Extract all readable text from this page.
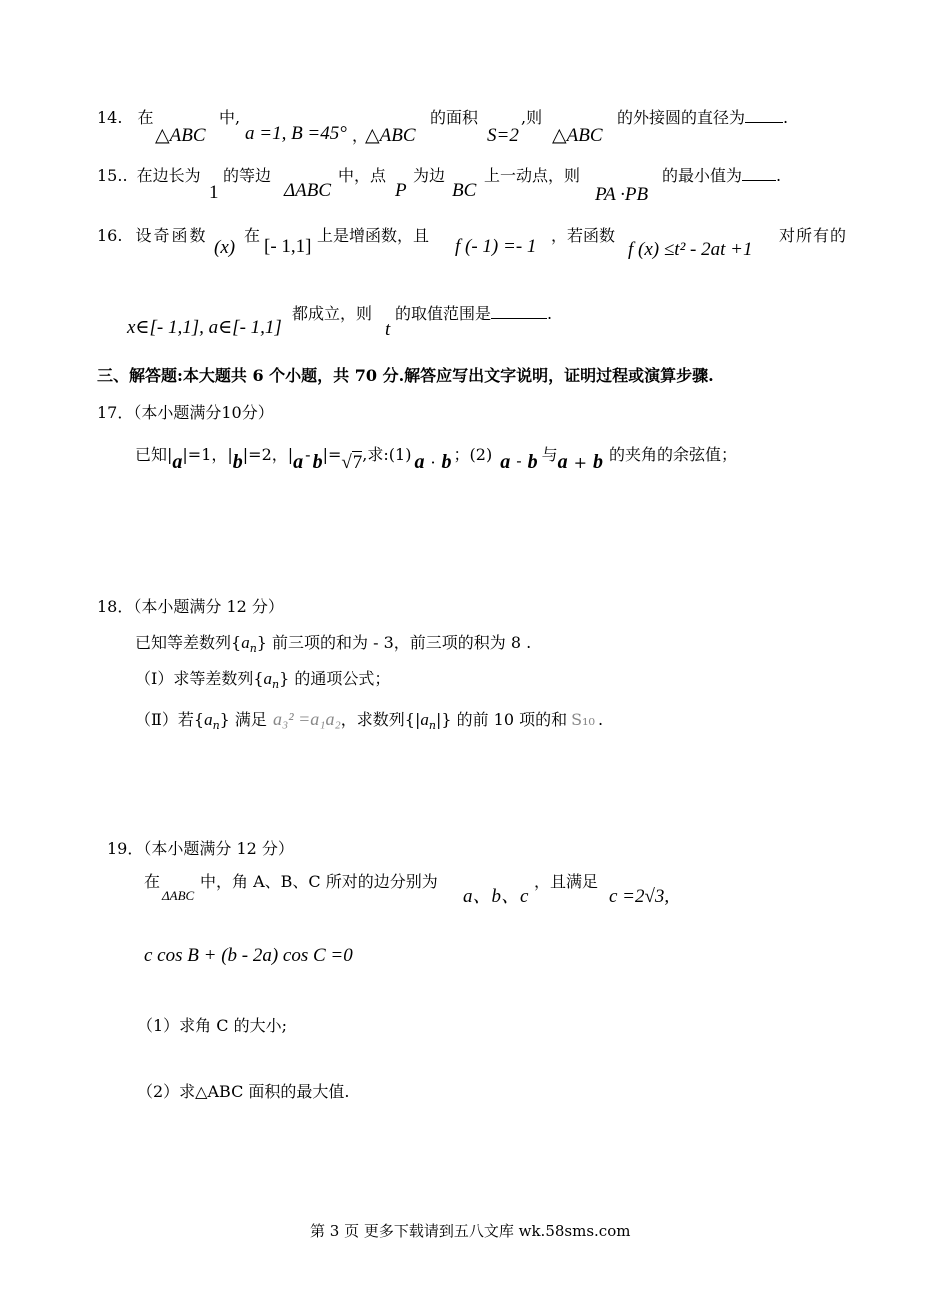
14. 在
△ABC
中,
a =1, B =45° ，
△ABC
的面积
S=2
,则
△ABC
的外接圆的直径为 .
15.. 在边长为
1
的等边
ΔABC
中，点
P
为边
BC
上一动点，则
PA ·PB
的最小值为 .
16. 设奇函数
(x)
在
[- 1,1]
上是增函数，且
f (- 1) =- 1
，若函数
f (x) ≤t² - 2at +1
对所有的
x∈[- 1,1], a∈[- 1,1]
都成立，则
t
的取值范围是	.
三、解答题:本大题共 6 个小题，共 70 分.解答应写出文字说明，证明过程或演算步骤.
17．（本小题满分10分）
已知|a|=1，|b|=2，|a - b|=√7,求:(1) a · b ；(2) a - b 与a + b 的夹角的余弦值；
18．（本小题满分 12 分）
已知等差数列$\{a_n\}$ 前三项的和为 - 3，前三项的积为 8 .
（Ⅰ）求等差数列$\{a_n\}$ 的通项公式；
（Ⅱ）若$\{a_n\}$ 满足 a₃² =a₁a₂，求数列$\{|a_n|\}$ 的前 10 项的和 S₁₀ .
19．（本小题满分 12 分）
在
ΔABC
中，角 A、B、C 所对的边分别为
a、b、c
，且满足
c =2√3,
c cos B + (b - 2a) cos C =0
（1）求角 C 的大小;
（2）求△ABC 面积的最大值.
第 3 页 更多下载请到五八文库 wk.58sms.com
